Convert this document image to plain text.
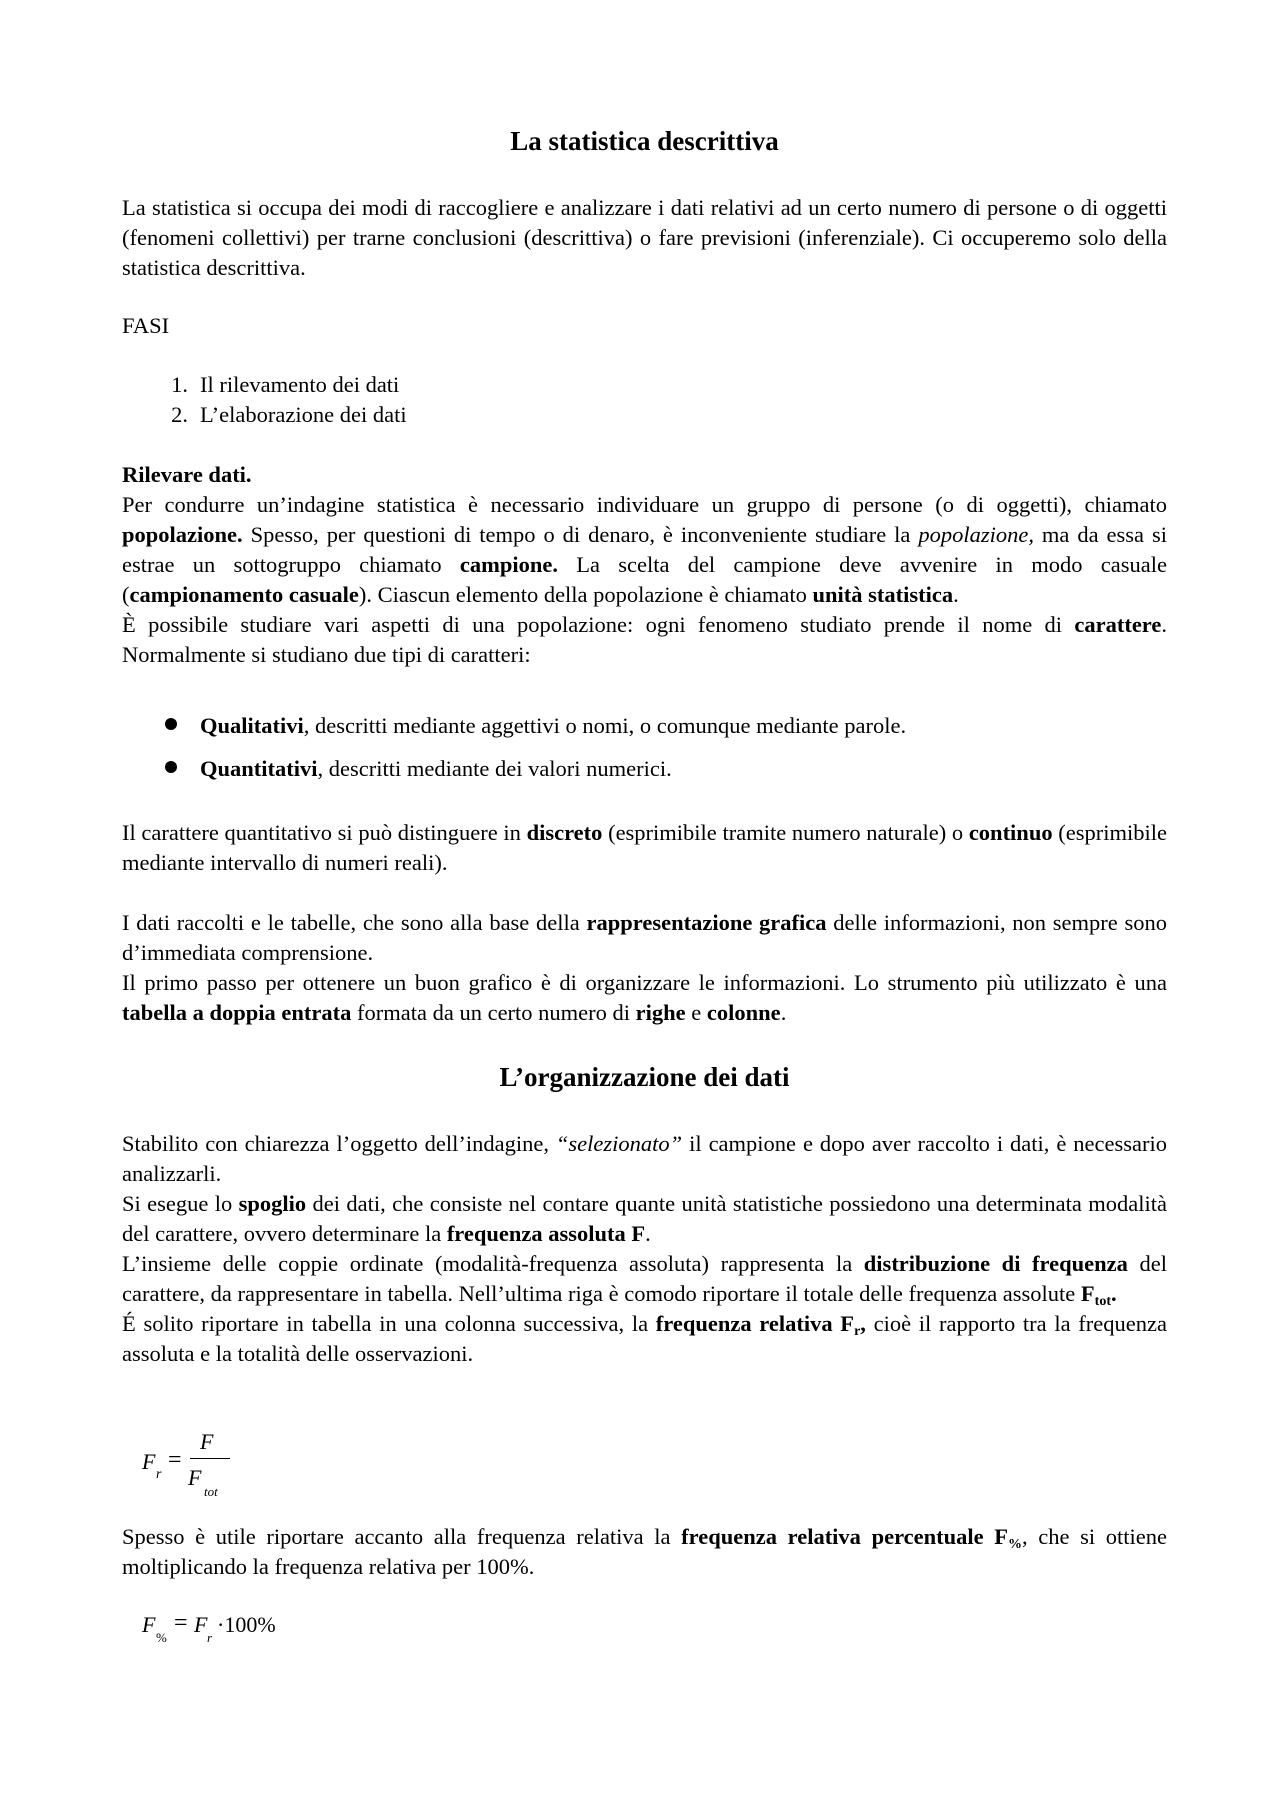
La statistica descrittiva

La statistica si occupa dei modi di raccogliere e analizzare i dati relativi ad un certo numero di persone o di oggetti (fenomeni collettivi) per trarne conclusioni (descrittiva) o fare previsioni (inferenziale). Ci occuperemo solo della statistica descrittiva.

FASI

1. Il rilevamento dei dati
2. L’elaborazione dei dati

Rilevare dati.

Per condurre un’indagine statistica è necessario individuare un gruppo di persone (o di oggetti), chiamato popolazione. Spesso, per questioni di tempo o di denaro, è inconveniente studiare la popolazione, ma da essa si estrae un sottogruppo chiamato campione. La scelta del campione deve avvenire in modo casuale (campionamento casuale). Ciascun elemento della popolazione è chiamato unità statistica.

È possibile studiare vari aspetti di una popolazione: ogni fenomeno studiato prende il nome di carattere. Normalmente si studiano due tipi di caratteri:

Qualitativi, descritti mediante aggettivi o nomi, o comunque mediante parole.
Quantitativi, descritti mediante dei valori numerici.

Il carattere quantitativo si può distinguere in discreto (esprimibile tramite numero naturale) o continuo (esprimibile mediante intervallo di numeri reali).

I dati raccolti e le tabelle, che sono alla base della rappresentazione grafica delle informazioni, non sempre sono d’immediata comprensione.

Il primo passo per ottenere un buon grafico è di organizzare le informazioni. Lo strumento più utilizzato è una tabella a doppia entrata formata da un certo numero di righe e colonne.

L’organizzazione dei dati

Stabilito con chiarezza l’oggetto dell’indagine, “selezionato” il campione e dopo aver raccolto i dati, è necessario analizzarli.

Si esegue lo spoglio dei dati, che consiste nel contare quante unità statistiche possiedono una determinata modalità del carattere, ovvero determinare la frequenza assoluta F.

L’insieme delle coppie ordinate (modalità-frequenza assoluta) rappresenta la distribuzione di frequenza del carattere, da rappresentare in tabella. Nell’ultima riga è comodo riportare il totale delle frequenza assolute $F_{tot}$.

É solito riportare in tabella in una colonna successiva, la frequenza relativa $F_r$, cioè il rapporto tra la frequenza assoluta e la totalità delle osservazioni.

F
r
=
F
F
tot

Spesso è utile riportare accanto alla frequenza relativa la frequenza relativa percentuale $F_{\%}$, che si ottiene moltiplicando la frequenza relativa per 100%.

F
%
= F
r
·100%
